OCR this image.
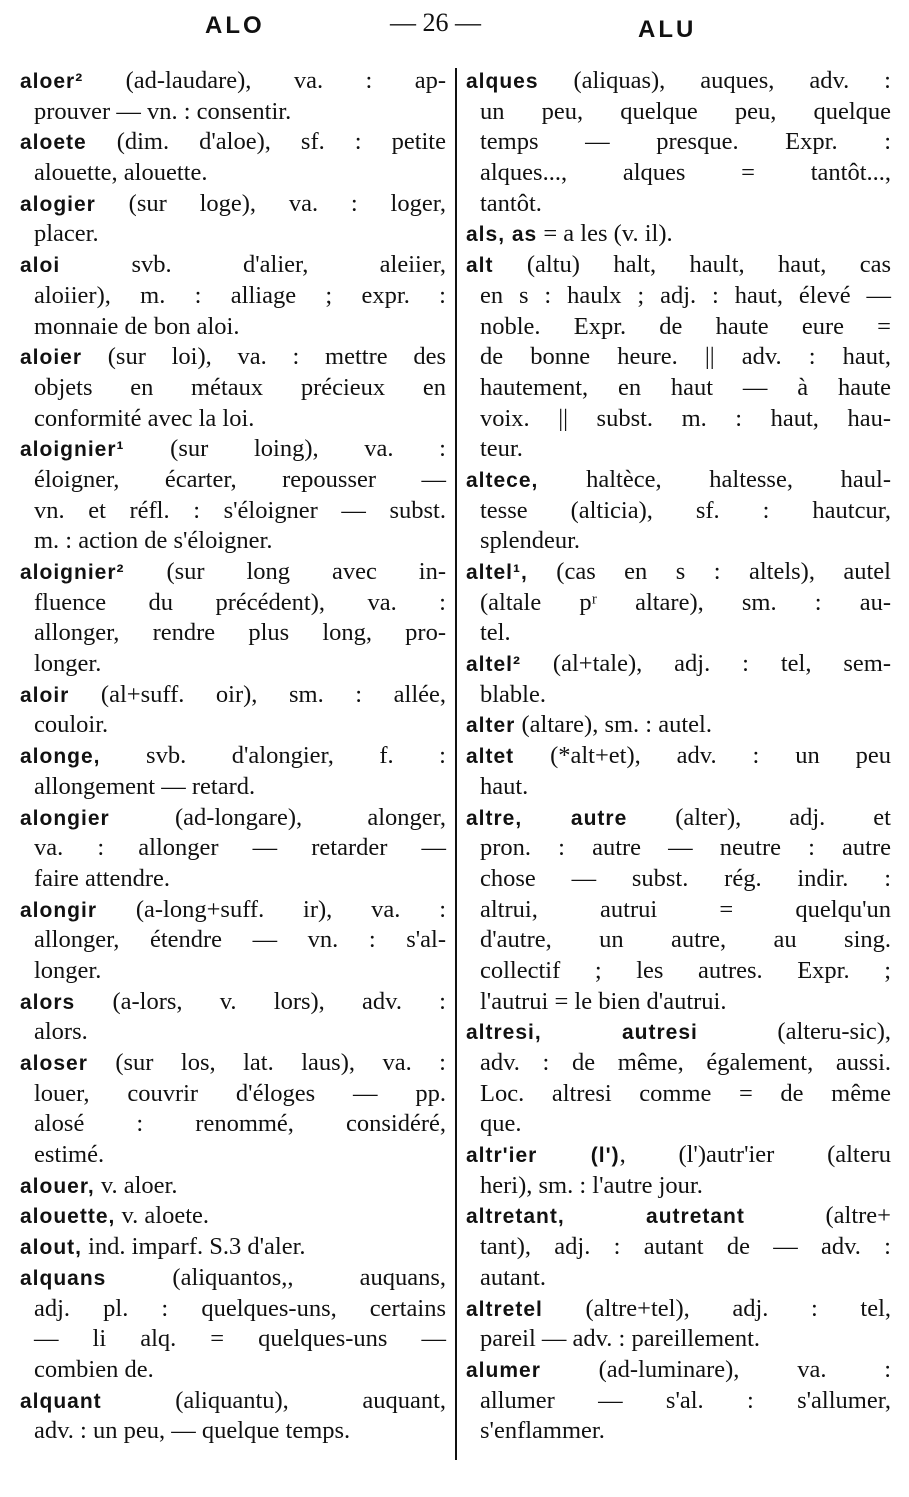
ALO	— 26 —	ALU
aloer² (ad-laudare), va. : ap-
prouver — vn. : consentir.
aloete (dim. d'aloe), sf. : petite
alouette, alouette.
alogier (sur loge), va. : loger,
placer.
aloi svb. d'alier, aleiier,
aloiier), m. : alliage ; expr. :
monnaie de bon aloi.
aloier (sur loi), va. : mettre des
objets en métaux précieux en
conformité avec la loi.
aloignier¹ (sur loing), va. :
éloigner, écarter, repousser —
vn. et réfl. : s'éloigner — subst.
m. : action de s'éloigner.
aloignier² (sur long avec in-
fluence du précédent), va. :
allonger, rendre plus long, pro-
longer.
aloir (al+suff. oir), sm. : allée,
couloir.
alonge, svb. d'alongier, f. :
allongement — retard.
alongier (ad-longare), alonger,
va. : allonger — retarder —
faire attendre.
alongir (a-long+suff. ir), va. :
allonger, étendre — vn. : s'al-
longer.
alors (a-lors, v. lors), adv. :
alors.
aloser (sur los, lat. laus), va. :
louer, couvrir d'éloges — pp.
alosé : renommé, considéré,
estimé.
alouer, v. aloer.
alouette, v. aloete.
alout, ind. imparf. S.3 d'aler.
alquans (aliquantos,, auquans,
adj. pl. : quelques-uns, certains
— li alq. = quelques-uns —
combien de.
alquant (aliquantu), auquant,
adv. : un peu, — quelque temps.
alques (aliquas), auques, adv. :
un peu, quelque peu, quelque
temps — presque. Expr. :
alques..., alques = tantôt...,
tantôt.
als, as = a les (v. il).
alt (altu) halt, hault, haut, cas
en s : haulx ; adj. : haut, élevé —
noble. Expr. de haute eure =
de bonne heure. || adv. : haut,
hautement, en haut — à haute
voix. || subst. m. : haut, hau-
teur.
altece, haltèce, haltesse, haul-
tesse (alticia), sf. : hautcur,
splendeur.
altel¹, (cas en s : altels), autel
(altale pʳ altare), sm. : au-
tel.
altel² (al+tale), adj. : tel, sem-
blable.
alter (altare), sm. : autel.
altet (*alt+et), adv. : un peu
haut.
altre, autre (alter), adj. et
pron. : autre — neutre : autre
chose — subst. rég. indir. :
altrui, autrui = quelqu'un
d'autre, un autre, au sing.
collectif ; les autres. Expr. ;
l'autrui = le bien d'autrui.
altresi, autresi (alteru-sic),
adv. : de même, également, aussi.
Loc. altresi comme = de même
que.
altr'ier (l'), (l')autr'ier (alteru
heri), sm. : l'autre jour.
altretant, autretant (altre+
tant), adj. : autant de — adv. :
autant.
altretel (altre+tel), adj. : tel,
pareil — adv. : pareillement.
alumer (ad-luminare), va. :
allumer — s'al. : s'allumer,
s'enflammer.
